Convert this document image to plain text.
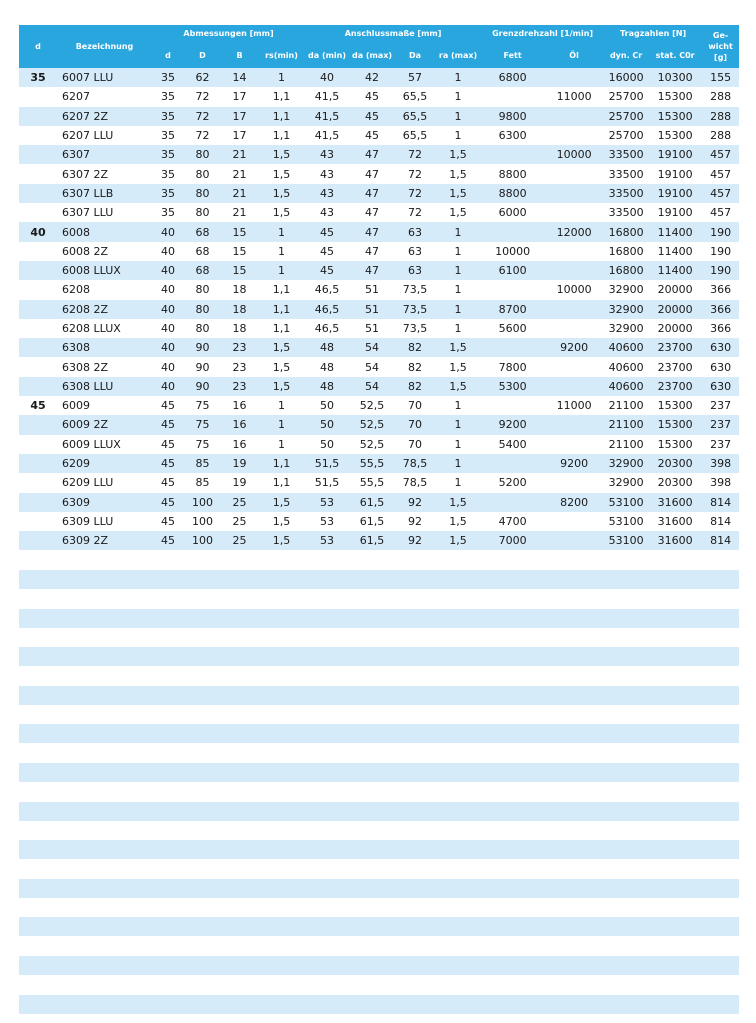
d	Bezeichnung	Abmessungen [mm]				Anschlussmaße [mm]				Grenzdrehzahl [1/min]		Tragzahlen [N]		Ge-wicht [g]
		d	D	B	rs(min)	da (min)	da (max)	Da	ra (max)	Fett	Öl	dyn. Cr	stat. C0r	
35	6007 LLU	35	62	14	1	40	42	57	1	6800		16000	10300	155
	6207	35	72	17	1,1	41,5	45	65,5	1		11000	25700	15300	288
	6207 2Z	35	72	17	1,1	41,5	45	65,5	1	9800		25700	15300	288
	6207 LLU	35	72	17	1,1	41,5	45	65,5	1	6300		25700	15300	288
	6307	35	80	21	1,5	43	47	72	1,5		10000	33500	19100	457
	6307 2Z	35	80	21	1,5	43	47	72	1,5	8800		33500	19100	457
	6307 LLB	35	80	21	1,5	43	47	72	1,5	8800		33500	19100	457
	6307 LLU	35	80	21	1,5	43	47	72	1,5	6000		33500	19100	457
40	6008	40	68	15	1	45	47	63	1		12000	16800	11400	190
	6008 2Z	40	68	15	1	45	47	63	1	10000		16800	11400	190
	6008 LLUX	40	68	15	1	45	47	63	1	6100		16800	11400	190
	6208	40	80	18	1,1	46,5	51	73,5	1		10000	32900	20000	366
	6208 2Z	40	80	18	1,1	46,5	51	73,5	1	8700		32900	20000	366
	6208 LLUX	40	80	18	1,1	46,5	51	73,5	1	5600		32900	20000	366
	6308	40	90	23	1,5	48	54	82	1,5		9200	40600	23700	630
	6308 2Z	40	90	23	1,5	48	54	82	1,5	7800		40600	23700	630
	6308 LLU	40	90	23	1,5	48	54	82	1,5	5300		40600	23700	630
45	6009	45	75	16	1	50	52,5	70	1		11000	21100	15300	237
	6009 2Z	45	75	16	1	50	52,5	70	1	9200		21100	15300	237
	6009 LLUX	45	75	16	1	50	52,5	70	1	5400		21100	15300	237
	6209	45	85	19	1,1	51,5	55,5	78,5	1		9200	32900	20300	398
	6209 LLU	45	85	19	1,1	51,5	55,5	78,5	1	5200		32900	20300	398
	6309	45	100	25	1,5	53	61,5	92	1,5		8200	53100	31600	814
	6309 LLU	45	100	25	1,5	53	61,5	92	1,5	4700		53100	31600	814
	6309 2Z	45	100	25	1,5	53	61,5	92	1,5	7000		53100	31600	814
